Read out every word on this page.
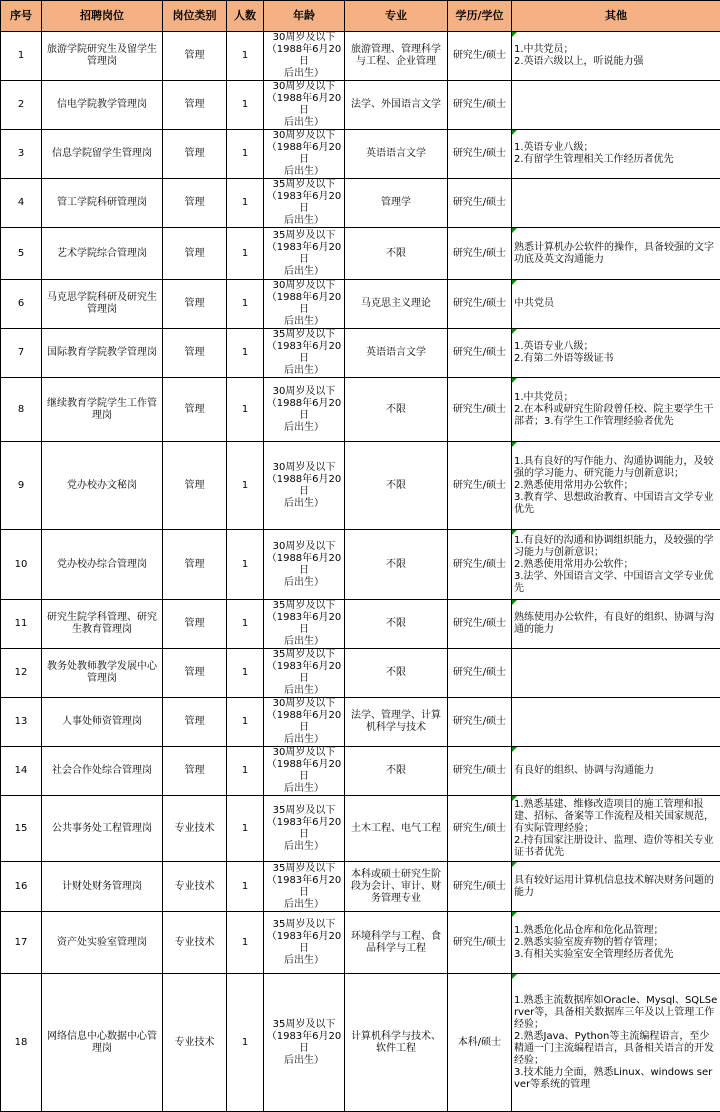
序号	招聘岗位	岗位类别	人数	年龄	专业	学历/学位	其他
1	旅游学院研究生及留学生管理岗	管理	1	30周岁及以下
（1988年6月20日
后出生）	旅游管理、管理科学与工程、企业管理	研究生/硕士	1.中共党员；
2.英语六级以上，听说能力强

2	信电学院教学管理岗	管理	1	30周岁及以下
（1988年6月20日
后出生）	法学、外国语言文学	研究生/硕士	
3	信息学院留学生管理岗	管理	1	30周岁及以下
（1988年6月20日
后出生）	英语语言文学	研究生/硕士	1.英语专业八级；
2.有留学生管理相关工作经历者优先

4	管工学院科研管理岗	管理	1	35周岁及以下
（1983年6月20日
后出生）	管理学	研究生/硕士	
5	艺术学院综合管理岗	管理	1	35周岁及以下
（1983年6月20日
后出生）	不限	研究生/硕士	熟悉计算机办公软件的操作，具备较强的文字功底及英文沟通能力

6	马克思学院科研及研究生管理岗	管理	1	30周岁及以下
（1988年6月20日
后出生）	马克思主义理论	研究生/硕士	中共党员

7	国际教育学院教学管理岗	管理	1	35周岁及以下
（1983年6月20日
后出生）	英语语言文学	研究生/硕士	1.英语专业八级；
2.有第二外语等级证书

8	继续教育学院学生工作管理岗	管理	1	30周岁及以下
（1988年6月20日
后出生）	不限	研究生/硕士	1.中共党员；
2.在本科或研究生阶段曾任校、院主要学生干部者；3.有学生工作管理经验者优先

9	党办校办文秘岗	管理	1	30周岁及以下
（1988年6月20日
后出生）	不限	研究生/硕士	1.具有良好的写作能力、沟通协调能力，及较强的学习能力、研究能力与创新意识；
2.熟悉使用常用办公软件；
3.教育学、思想政治教育、中国语言文学专业优先

10	党办校办综合管理岗	管理	1	30周岁及以下
（1988年6月20日
后出生）	不限	研究生/硕士	1.有良好的沟通和协调组织能力，及较强的学习能力与创新意识；
2.熟悉使用常用办公软件；
3.法学、外国语言文学、中国语言文学专业优先

11	研究生院学科管理、研究生教育管理岗	管理	1	35周岁及以下
（1983年6月20日
后出生）	不限	研究生/硕士	熟练使用办公软件，有良好的组织、协调与沟通的能力

12	教务处教师教学发展中心管理岗	管理	1	35周岁及以下
（1983年6月20日
后出生）	不限	研究生/硕士	
13	人事处师资管理岗	管理	1	30周岁及以下
（1988年6月20日
后出生）	法学、管理学、计算机科学与技术	研究生/硕士	
14	社会合作处综合管理岗	管理	1	30周岁及以下
（1988年6月20日
后出生）	不限	研究生/硕士	有良好的组织、协调与沟通能力

15	公共事务处工程管理岗	专业技术	1	35周岁及以下
（1983年6月20日
后出生）	土木工程、电气工程	研究生/硕士	1.熟悉基建、维修改造项目的施工管理和报建、招标、备案等工作流程及相关国家规范，有实际管理经验；
2.持有国家注册设计、监理、造价等相关专业证书者优先

16	计财处财务管理岗	专业技术	1	35周岁及以下
（1983年6月20日
后出生）	本科或硕士研究生阶段为会计、审计、财务管理专业	研究生/硕士	具有较好运用计算机信息技术解决财务问题的能力

17	资产处实验室管理岗	专业技术	1	35周岁及以下
（1983年6月20日
后出生）	环境科学与工程、食品科学与工程	研究生/硕士	1.熟悉危化品仓库和危化品管理；
2.熟悉实验室废弃物的暂存管理；
3.有相关实验室安全管理经历者优先

18	网络信息中心数据中心管理岗	专业技术	1	35周岁及以下
（1983年6月20日
后出生）	计算机科学与技术、软件工程	本科/硕士	1.熟悉主流数据库如Oracle、Mysql、SQLServer等，具备相关数据库三年及以上管理工作经验；
2.熟悉Java、Python等主流编程语言，至少精通一门主流编程语言，具备相关语言的开发经验；
3.技术能力全面，熟悉Linux、windows server等系统的管理
